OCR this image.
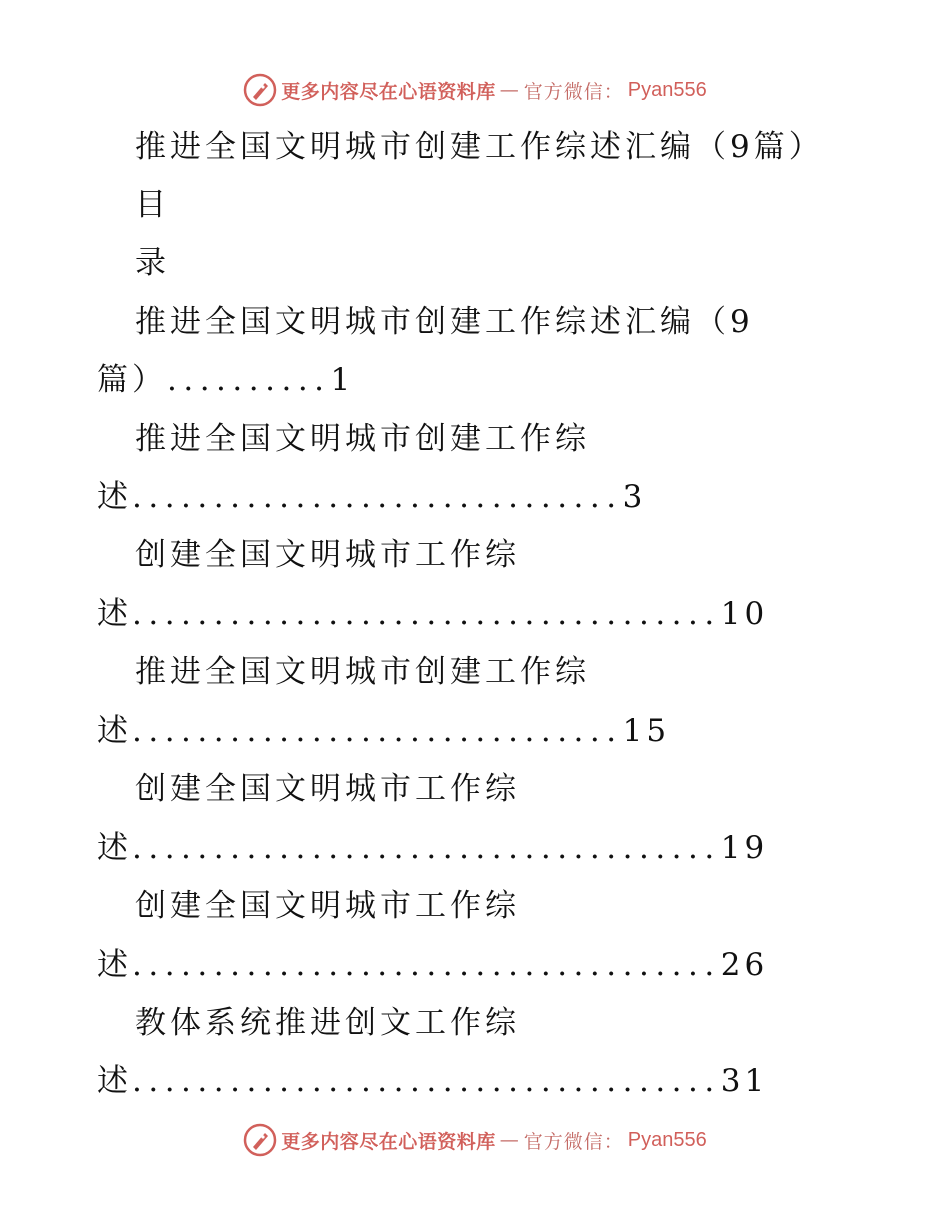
更多内容尽在心语资料库 — 官方微信： Pyan556
推进全国文明城市创建工作综述汇编（9篇）
目
录
推进全国文明城市创建工作综述汇编（9
篇）..........1
推进全国文明城市创建工作综
述..............................3
创建全国文明城市工作综
述....................................10
推进全国文明城市创建工作综
述..............................15
创建全国文明城市工作综
述....................................19
创建全国文明城市工作综
述....................................26
教体系统推进创文工作综
述....................................31
更多内容尽在心语资料库 — 官方微信： Pyan556
